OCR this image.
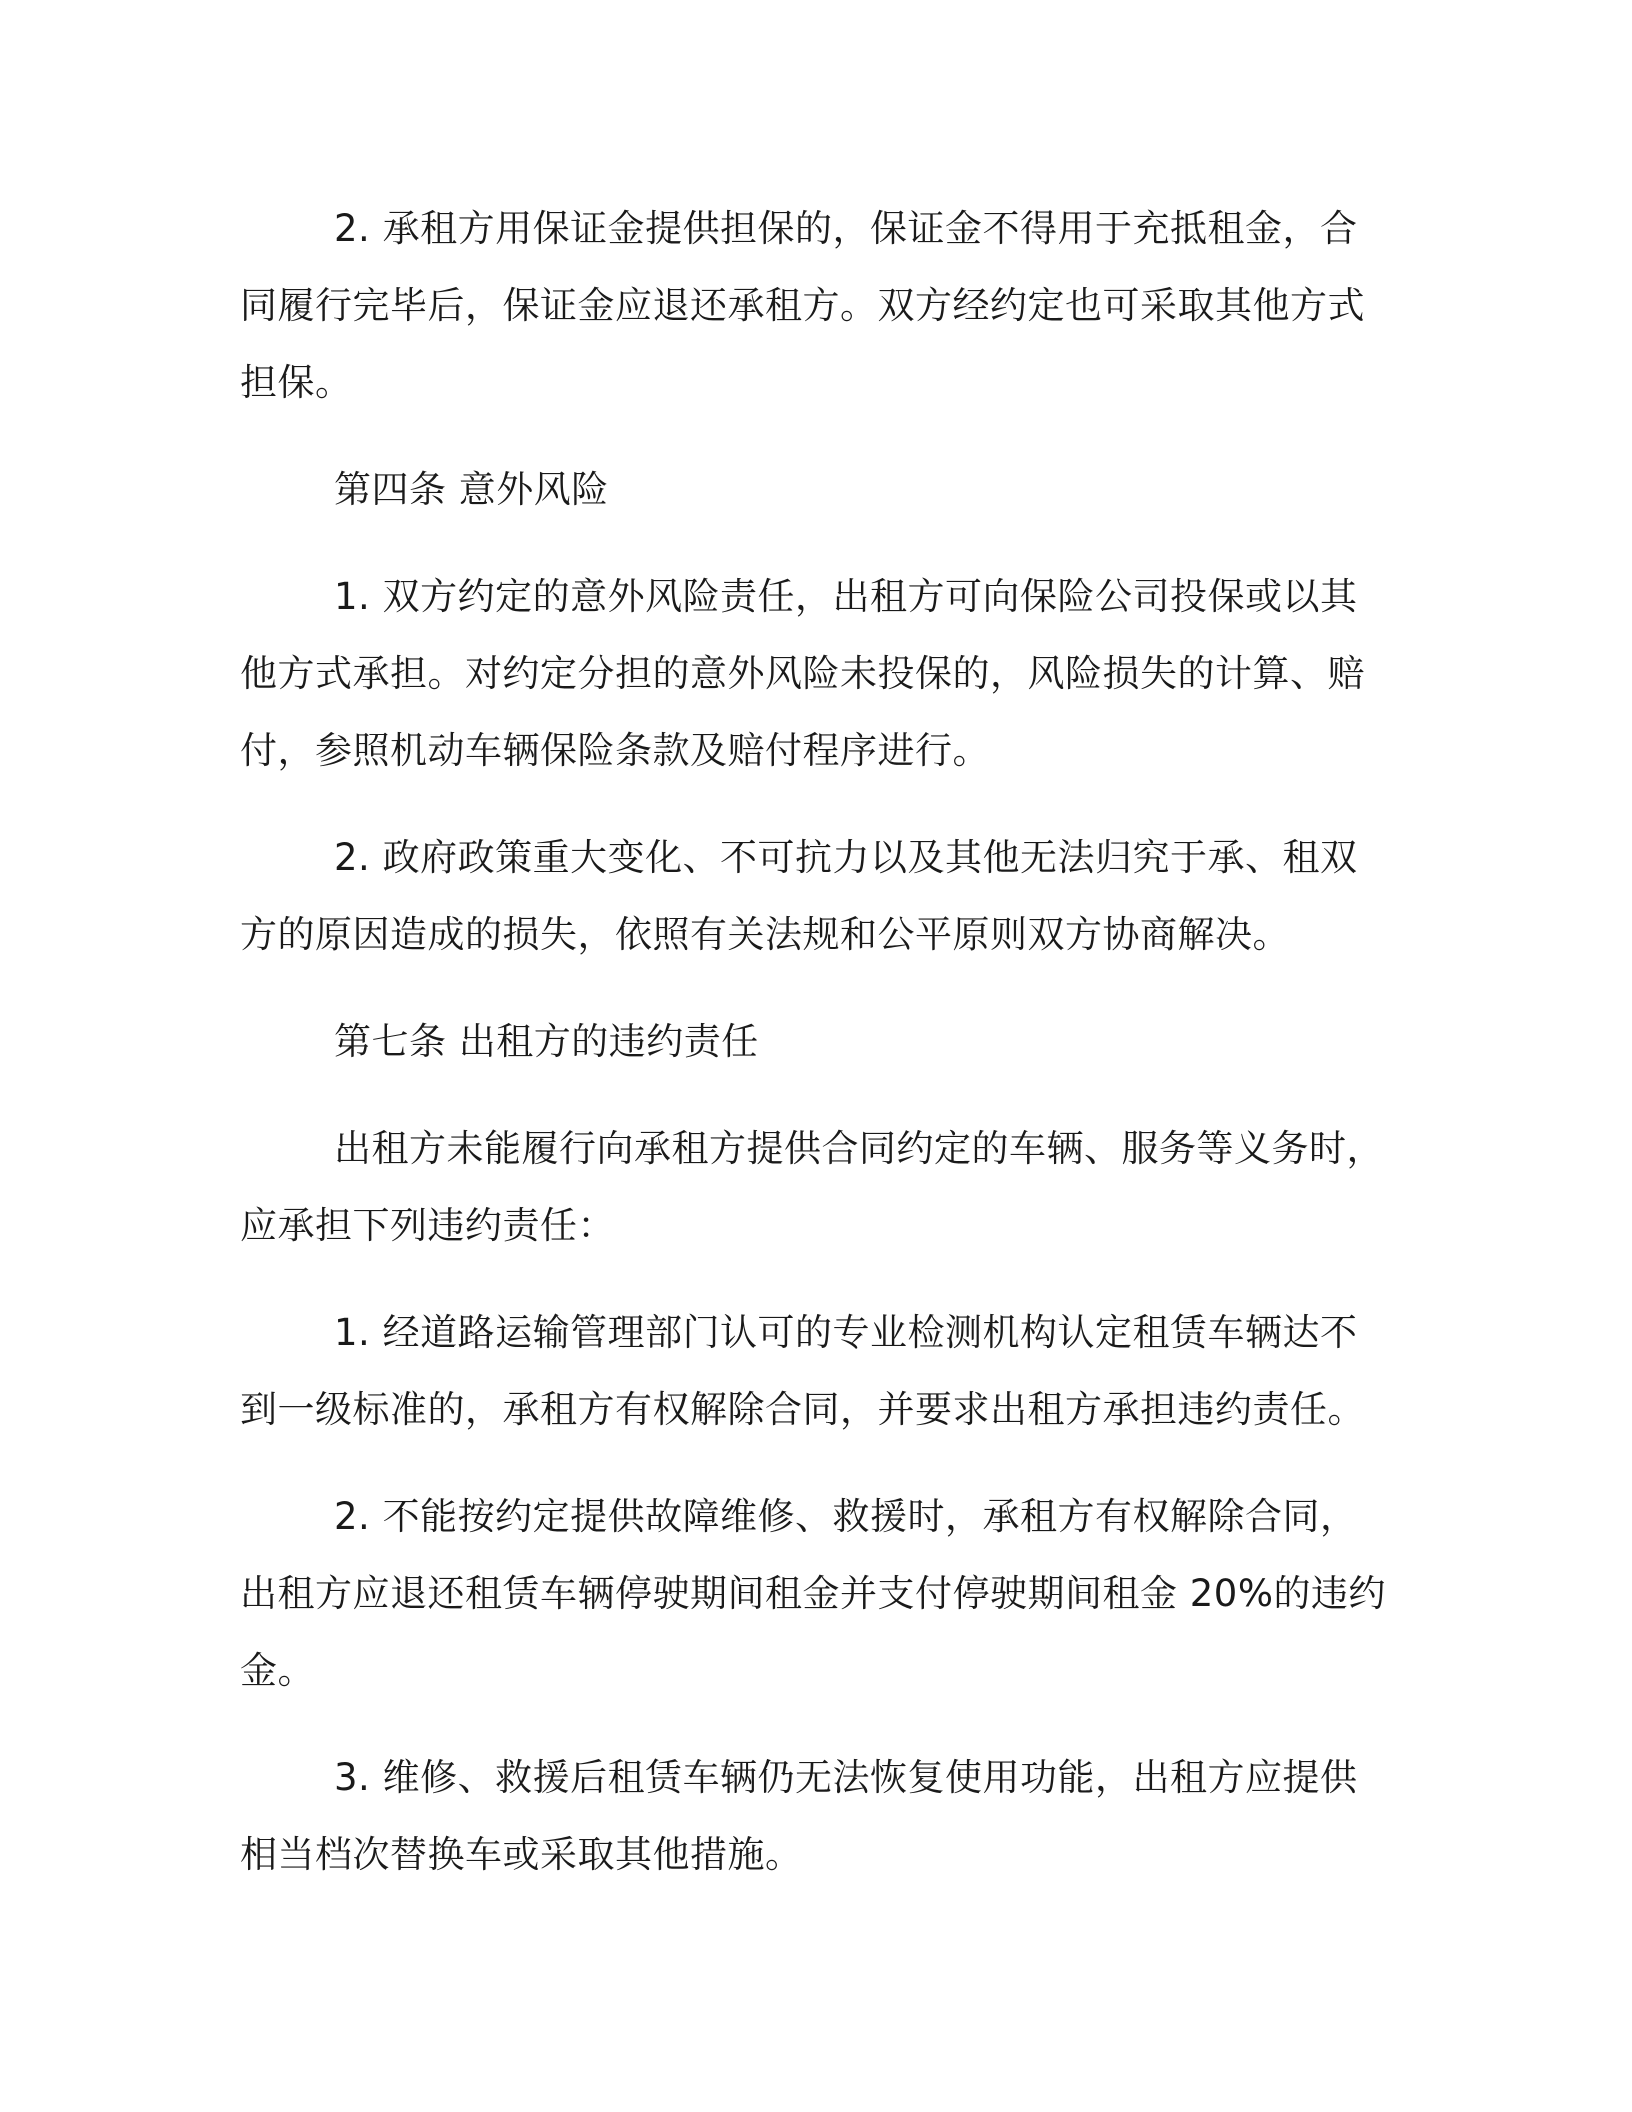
2. 承租方用保证金提供担保的，保证金不得用于充抵租金，合同履行完毕后，保证金应退还承租方。双方经约定也可采取其他方式担保。

第四条 意外风险

1. 双方约定的意外风险责任，出租方可向保险公司投保或以其他方式承担。对约定分担的意外风险未投保的，风险损失的计算、赔付，参照机动车辆保险条款及赔付程序进行。

2. 政府政策重大变化、不可抗力以及其他无法归究于承、租双方的原因造成的损失，依照有关法规和公平原则双方协商解决。

第七条 出租方的违约责任

出租方未能履行向承租方提供合同约定的车辆、服务等义务时，应承担下列违约责任：

1. 经道路运输管理部门认可的专业检测机构认定租赁车辆达不到一级标准的，承租方有权解除合同，并要求出租方承担违约责任。

2. 不能按约定提供故障维修、救援时，承租方有权解除合同，出租方应退还租赁车辆停驶期间租金并支付停驶期间租金 20%的违约金。

3. 维修、救援后租赁车辆仍无法恢复使用功能，出租方应提供相当档次替换车或采取其他措施。
